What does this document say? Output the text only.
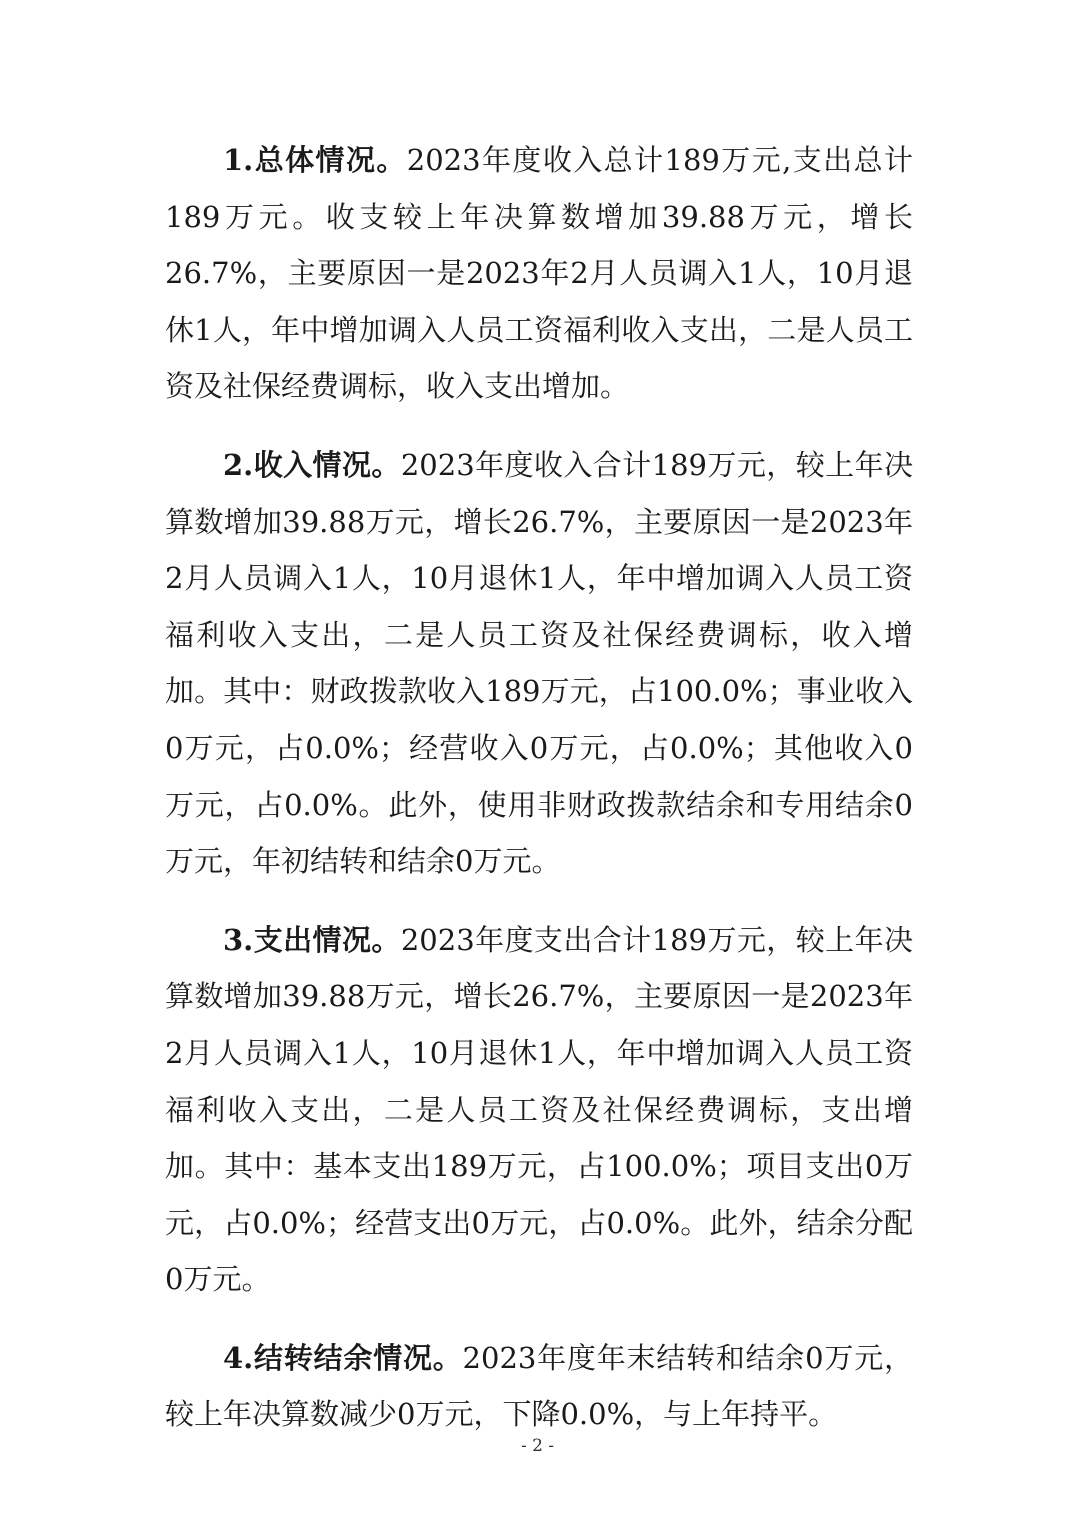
1.总体情况。2023年度收入总计189万元,支出总计189万元。收支较上年决算数增加39.88万元，增长26.7%，主要原因一是2023年2月人员调入1人，10月退休1人，年中增加调入人员工资福利收入支出，二是人员工资及社保经费调标，收入支出增加。

2.收入情况。2023年度收入合计189万元，较上年决算数增加39.88万元，增长26.7%，主要原因一是2023年2月人员调入1人，10月退休1人，年中增加调入人员工资福利收入支出，二是人员工资及社保经费调标，收入增加。其中：财政拨款收入189万元，占100.0%；事业收入0万元，占0.0%；经营收入0万元，占0.0%；其他收入0万元，占0.0%。此外，使用非财政拨款结余和专用结余0万元，年初结转和结余0万元。

3.支出情况。2023年度支出合计189万元，较上年决算数增加39.88万元，增长26.7%，主要原因一是2023年2月人员调入1人，10月退休1人，年中增加调入人员工资福利收入支出，二是人员工资及社保经费调标，支出增加。其中：基本支出189万元，占100.0%；项目支出0万元，占0.0%；经营支出0万元，占0.0%。此外，结余分配0万元。

4.结转结余情况。2023年度年末结转和结余0万元，较上年决算数减少0万元，下降0.0%，与上年持平。

- 2 -
